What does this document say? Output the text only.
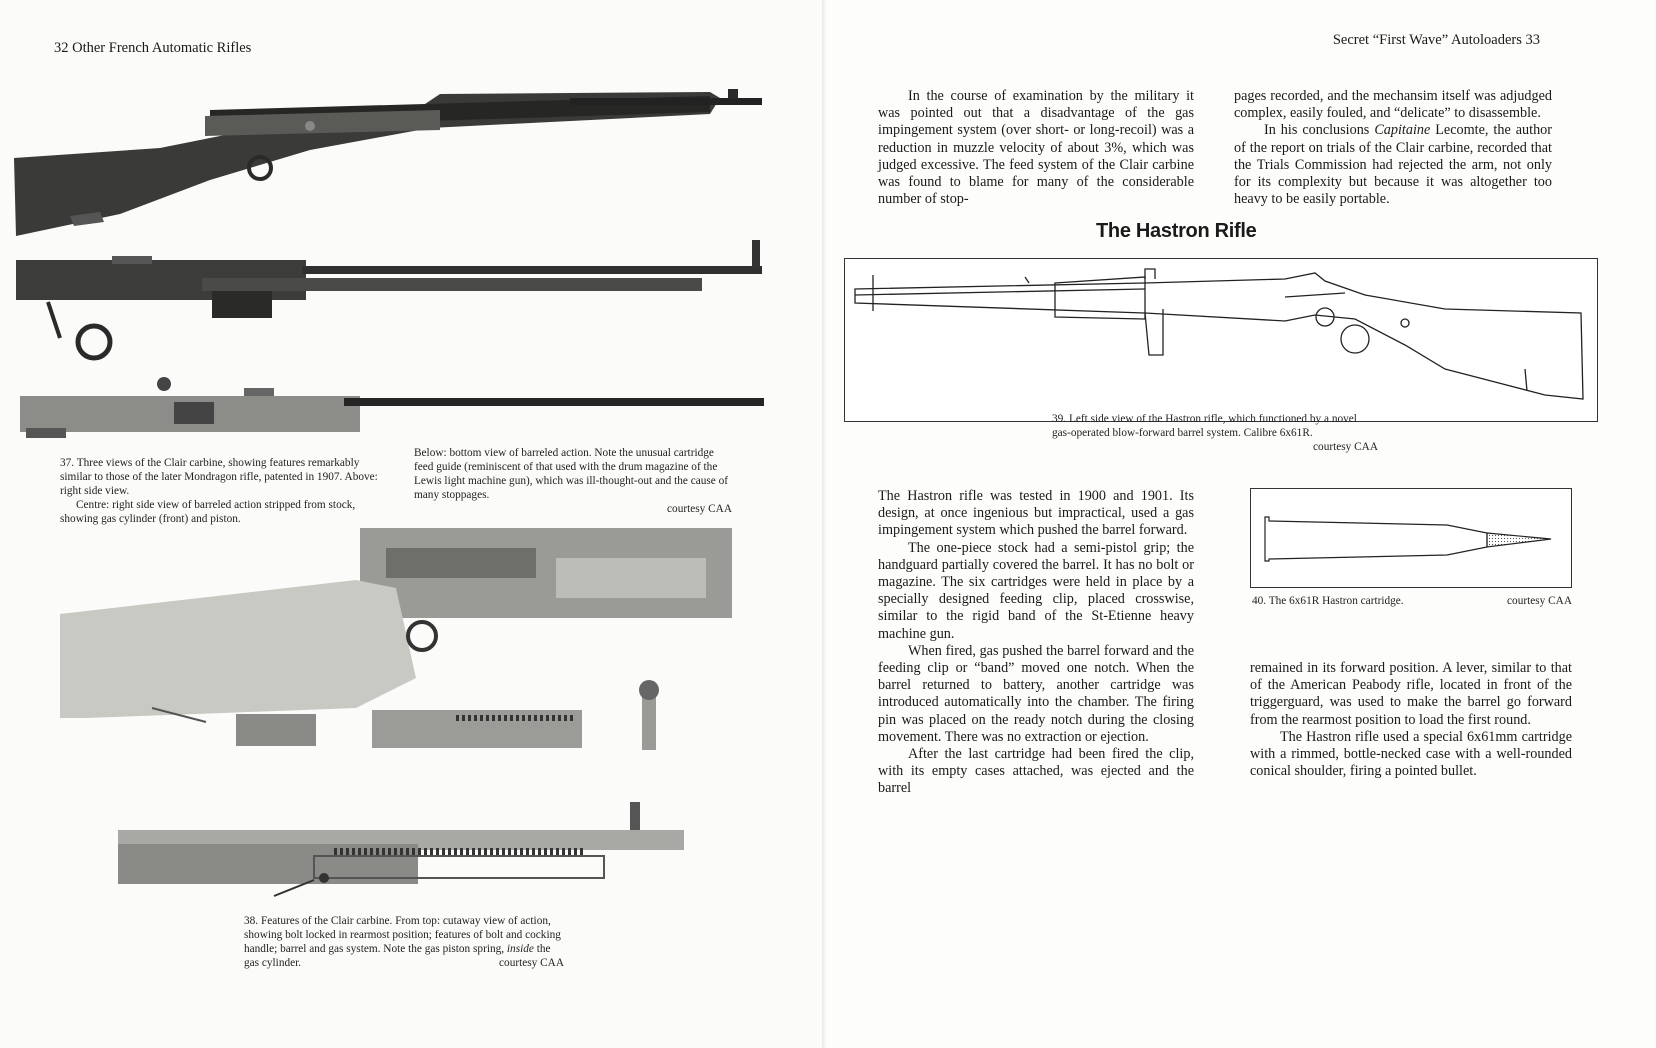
32 Other French Automatic Rifles

37. Three views of the Clair carbine, showing features remarkably similar to those of the later Mondragon rifle, patented in 1907. Above: right side view.

Centre: right side view of barreled action stripped from stock, showing gas cylinder (front) and piston.

Below: bottom view of barreled action. Note the unusual cartridge feed guide (reminiscent of that used with the drum magazine of the Lewis light machine gun), which was ill-thought-out and the cause of many stoppages.

courtesy CAA

38. Features of the Clair carbine. From top: cutaway view of action, showing bolt locked in rearmost position; features of bolt and cocking handle; barrel and gas system. Note the gas piston spring, inside the gas cylinder.	courtesy CAA

Secret “First Wave” Autoloaders 33

In the course of examination by the military it was pointed out that a disadvantage of the gas impingement system (over short- or long-recoil) was a reduction in muzzle velocity of about 3%, which was judged excessive. The feed system of the Clair carbine was found to blame for many of the considerable number of stop-

pages recorded, and the mechansim itself was adjudged complex, easily fouled, and “delicate” to disassemble.

In his conclusions Capitaine Lecomte, the author of the report on trials of the Clair carbine, recorded that the Trials Commission had rejected the arm, not only for its complexity but because it was altogether too heavy to be easily portable.

The Hastron Rifle

39. Left side view of the Hastron rifle, which functioned by a novel gas-operated blow-forward barrel system. Calibre 6x61R.

courtesy CAA

The Hastron rifle was tested in 1900 and 1901. Its design, at once ingenious but impractical, used a gas impingement system which pushed the barrel forward.

The one-piece stock had a semi-pistol grip; the handguard partially covered the barrel. It has no bolt or magazine. The six cartridges were held in place by a specially designed feeding clip, placed crosswise, similar to the rigid band of the St-Etienne heavy machine gun.

When fired, gas pushed the barrel forward and the feeding clip or “band” moved one notch. When the barrel returned to battery, another cartridge was introduced automatically into the chamber. The firing pin was placed on the ready notch during the closing movement. There was no extraction or ejection.

After the last cartridge had been fired the clip, with its empty cases attached, was ejected and the barrel

40. The 6x61R Hastron cartridge.	courtesy CAA

remained in its forward position. A lever, similar to that of the American Peabody rifle, located in front of the triggerguard, was used to make the barrel go forward from the rearmost position to load the first round.

The Hastron rifle used a special 6x61mm cartridge with a rimmed, bottle-necked case with a well-rounded conical shoulder, firing a pointed bullet.
